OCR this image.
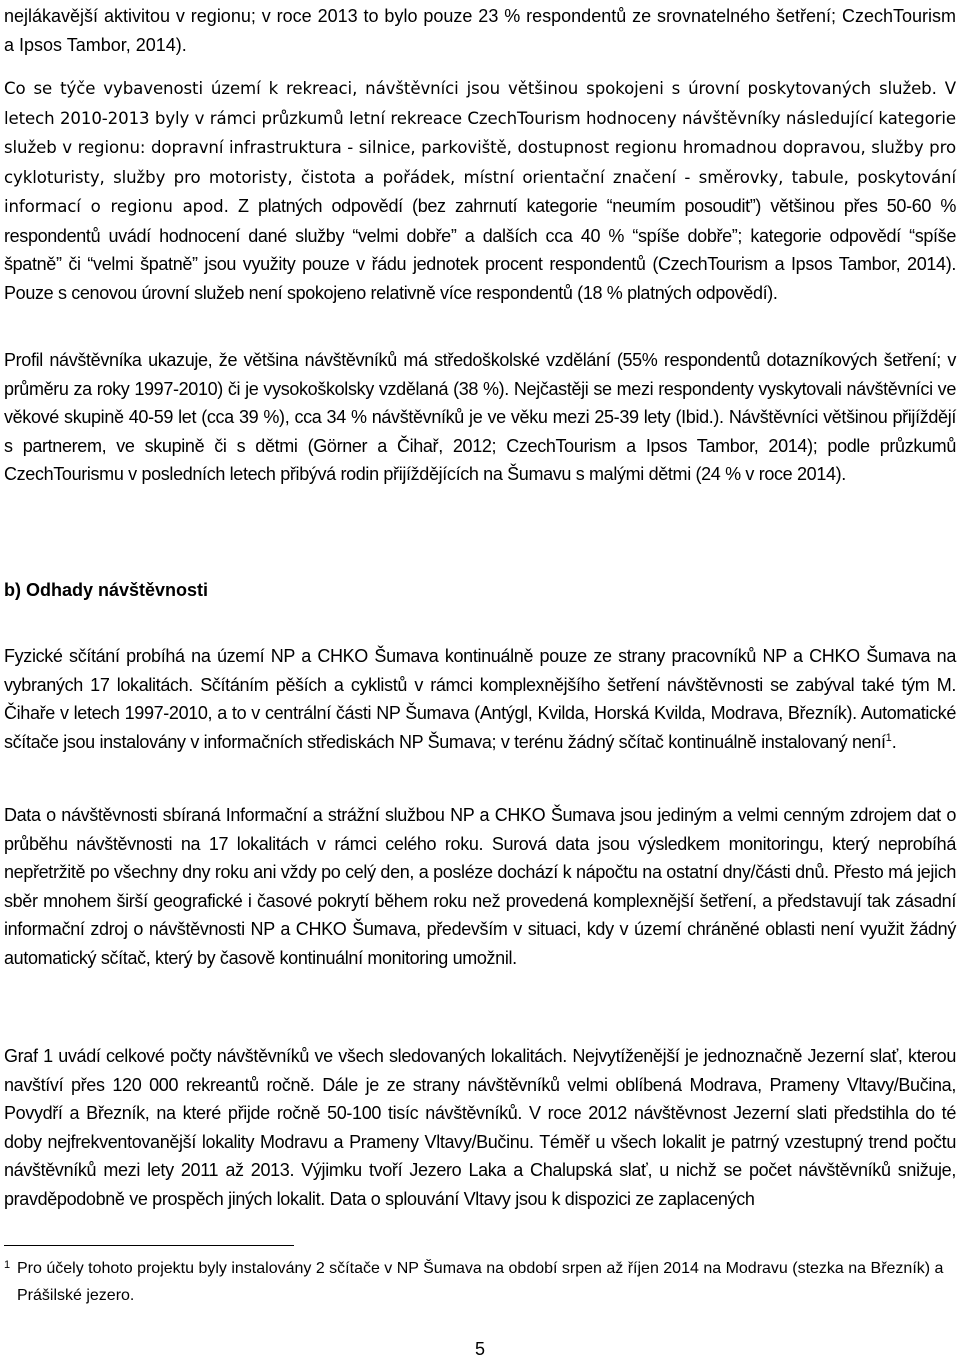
nejlákavější aktivitou v regionu; v roce 2013 to bylo pouze 23 % respondentů ze srovnatelného šetření; CzechTourism a Ipsos Tambor, 2014).

Co se týče vybavenosti území k rekreaci, návštěvníci jsou většinou spokojeni s úrovní poskytovaných služeb. V letech 2010-2013 byly v rámci průzkumů letní rekreace CzechTourism hodnoceny návštěvníky následující kategorie služeb v regionu: dopravní infrastruktura - silnice, parkoviště, dostupnost regionu hromadnou dopravou, služby pro cykloturisty, služby pro motoristy, čistota a pořádek, místní orientační značení - směrovky, tabule, poskytování informací o regionu apod. Z platných odpovědí (bez zahrnutí kategorie “neumím posoudit”) většinou přes 50-60 % respondentů uvádí hodnocení dané služby “velmi dobře” a dalších cca 40 % “spíše dobře”; kategorie odpovědí “spíše špatně” či “velmi špatně” jsou využity pouze v řádu jednotek procent respondentů (CzechTourism a Ipsos Tambor, 2014). Pouze s cenovou úrovní služeb není spokojeno relativně více respondentů (18 % platných odpovědí).

Profil návštěvníka ukazuje, že většina návštěvníků má středoškolské vzdělání (55% respondentů dotazníkových šetření; v průměru za roky 1997-2010) či je vysokoškolsky vzdělaná (38 %). Nejčastěji se mezi respondenty vyskytovali návštěvníci ve věkové skupině 40-59 let (cca 39 %), cca 34 % návštěvníků je ve věku mezi 25-39 lety (Ibid.). Návštěvníci většinou přijíždějí s partnerem, ve skupině či s dětmi (Görner a Čihař, 2012; CzechTourism a Ipsos Tambor, 2014); podle průzkumů CzechTourismu v posledních letech přibývá rodin přijíždějících na Šumavu s malými dětmi (24 % v roce 2014).

b) Odhady návštěvnosti

Fyzické sčítání probíhá na území NP a CHKO Šumava kontinuálně pouze ze strany pracovníků NP a CHKO Šumava na vybraných 17 lokalitách. Sčítáním pěších a cyklistů v rámci komplexnějšího šetření návštěvnosti se zabýval také tým M. Čihaře v letech 1997-2010, a to v centrální části NP Šumava (Antýgl, Kvilda, Horská Kvilda, Modrava, Březník). Automatické sčítače jsou instalovány v informačních střediskách NP Šumava; v terénu žádný sčítač kontinuálně instalovaný není$^1$.

Data o návštěvnosti sbíraná Informační a strážní službou NP a CHKO Šumava jsou jediným a velmi cenným zdrojem dat o průběhu návštěvnosti na 17 lokalitách v rámci celého roku. Surová data jsou výsledkem monitoringu, který neprobíhá nepřetržitě po všechny dny roku ani vždy po celý den, a posléze dochází k nápočtu na ostatní dny/části dnů. Přesto má jejich sběr mnohem širší geografické i časové pokrytí během roku než provedená komplexnější šetření, a představují tak zásadní informační zdroj o návštěvnosti NP a CHKO Šumava, především v situaci, kdy v území chráněné oblasti není využit žádný automatický sčítač, který by časově kontinuální monitoring umožnil.

Graf 1 uvádí celkové počty návštěvníků ve všech sledovaných lokalitách. Nejvytíženější je jednoznačně Jezerní slať, kterou navštíví přes 120 000 rekreantů ročně. Dále je ze strany návštěvníků velmi oblíbená Modrava, Prameny Vltavy/Bučina, Povydří a Březník, na které přijde ročně 50-100 tisíc návštěvníků. V roce 2012 návštěvnost Jezerní slati předstihla do té doby nejfrekventovanější lokality Modravu a Prameny Vltavy/Bučinu. Téměř u všech lokalit je patrný vzestupný trend počtu návštěvníků mezi lety 2011 až 2013. Výjimku tvoří Jezero Laka a Chalupská slať, u nichž se počet návštěvníků snižuje, pravděpodobně ve prospěch jiných lokalit. Data o splouvání Vltavy jsou k dispozici ze zaplacených

1 Pro účely tohoto projektu byly instalovány 2 sčítače v NP Šumava na období srpen až říjen 2014 na Modravu (stezka na Březník) a Prášilské jezero.
5
